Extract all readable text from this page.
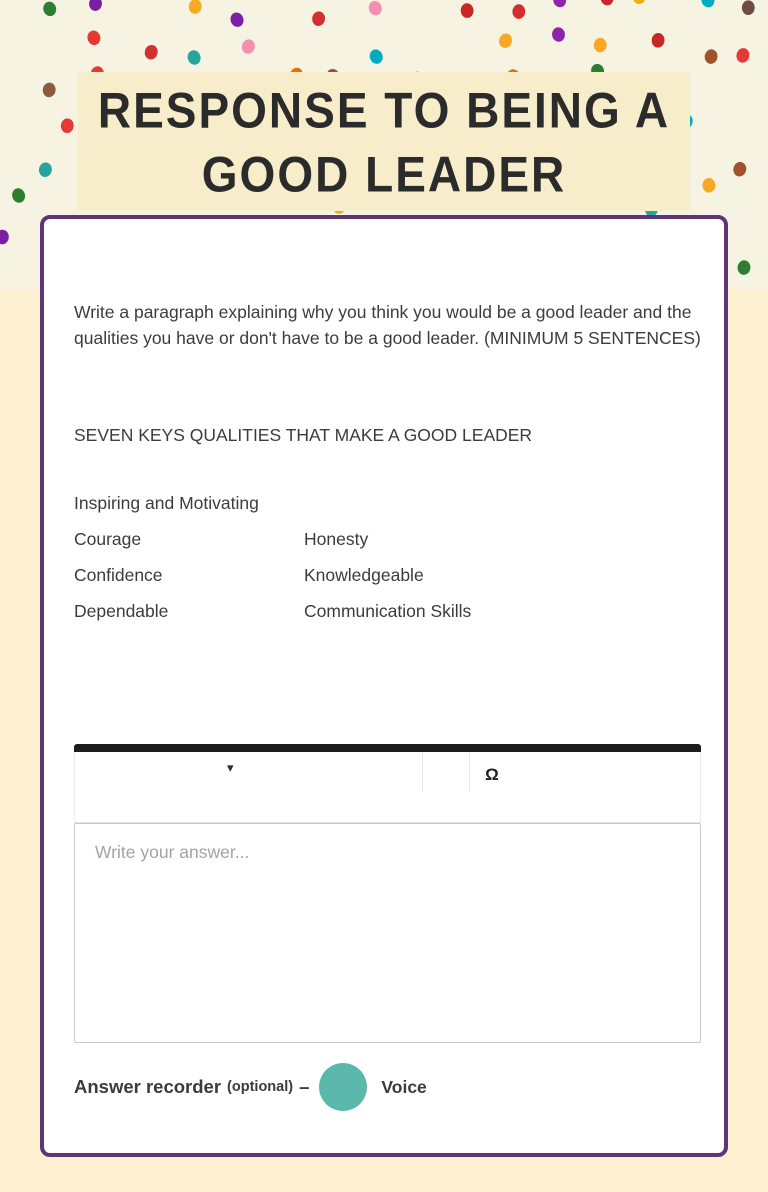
RESPONSE TO BEING A
GOOD LEADER

Write a paragraph explaining why you think you would be a good leader and the qualities you have or don't have to be a good leader. (MINIMUM 5 SENTENCES)

SEVEN KEYS QUALITIES THAT MAKE A GOOD LEADER

Inspiring and Motivating
Courage	Honesty
Confidence	Knowledgeable
Dependable	Communication Skills
▾	Ω
Write your answer...
Answer recorder (optional) –	Voice
